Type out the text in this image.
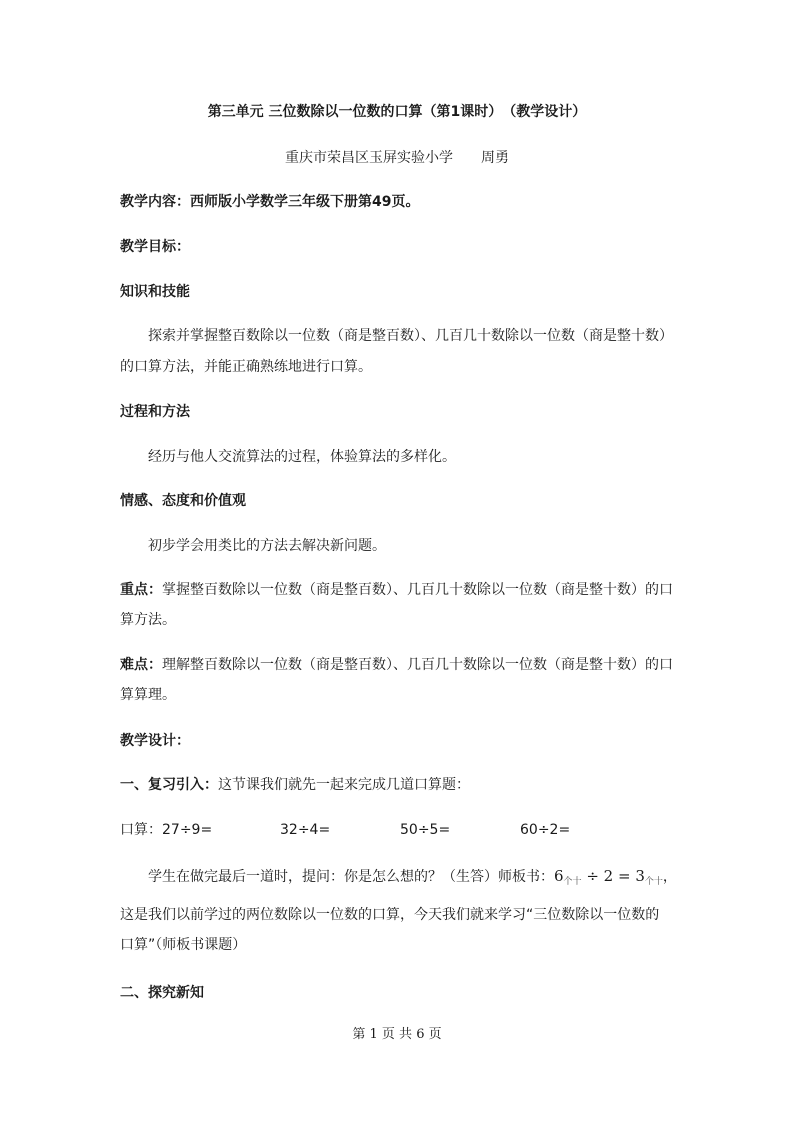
第三单元 三位数除以一位数的口算（第1课时）　（教学设计）
重庆市荣昌区玉屏实验小学 周勇
教学内容：西师版小学数学三年级下册第49页。
教学目标：
知识和技能
探索并掌握整百数除以一位数（商是整百数）、几百几十数除以一位数（商是整十数）
的口算方法，并能正确熟练地进行口算。
过程和方法
经历与他人交流算法的过程，体验算法的多样化。
情感、态度和价值观
初步学会用类比的方法去解决新问题。
重点：掌握整百数除以一位数（商是整百数）、几百几十数除以一位数（商是整十数）的口
算方法。
难点：理解整百数除以一位数（商是整百数）、几百几十数除以一位数（商是整十数）的口
算算理。
教学设计：
一、复习引入：这节课我们就先一起来完成几道口算题：
口算： 27÷9=	32÷4=	50÷5=	60÷2=
学生在做完最后一道时，提问：你是怎么想的？（生答）师板书：$6_{个十} \div 2 = 3_{个十}$，
这是我们以前学过的两位数除以一位数的口算，今天我们就来学习“三位数除以一位数的
口算”（师板书课题）
二、探究新知
第 1 页 共 6 页
